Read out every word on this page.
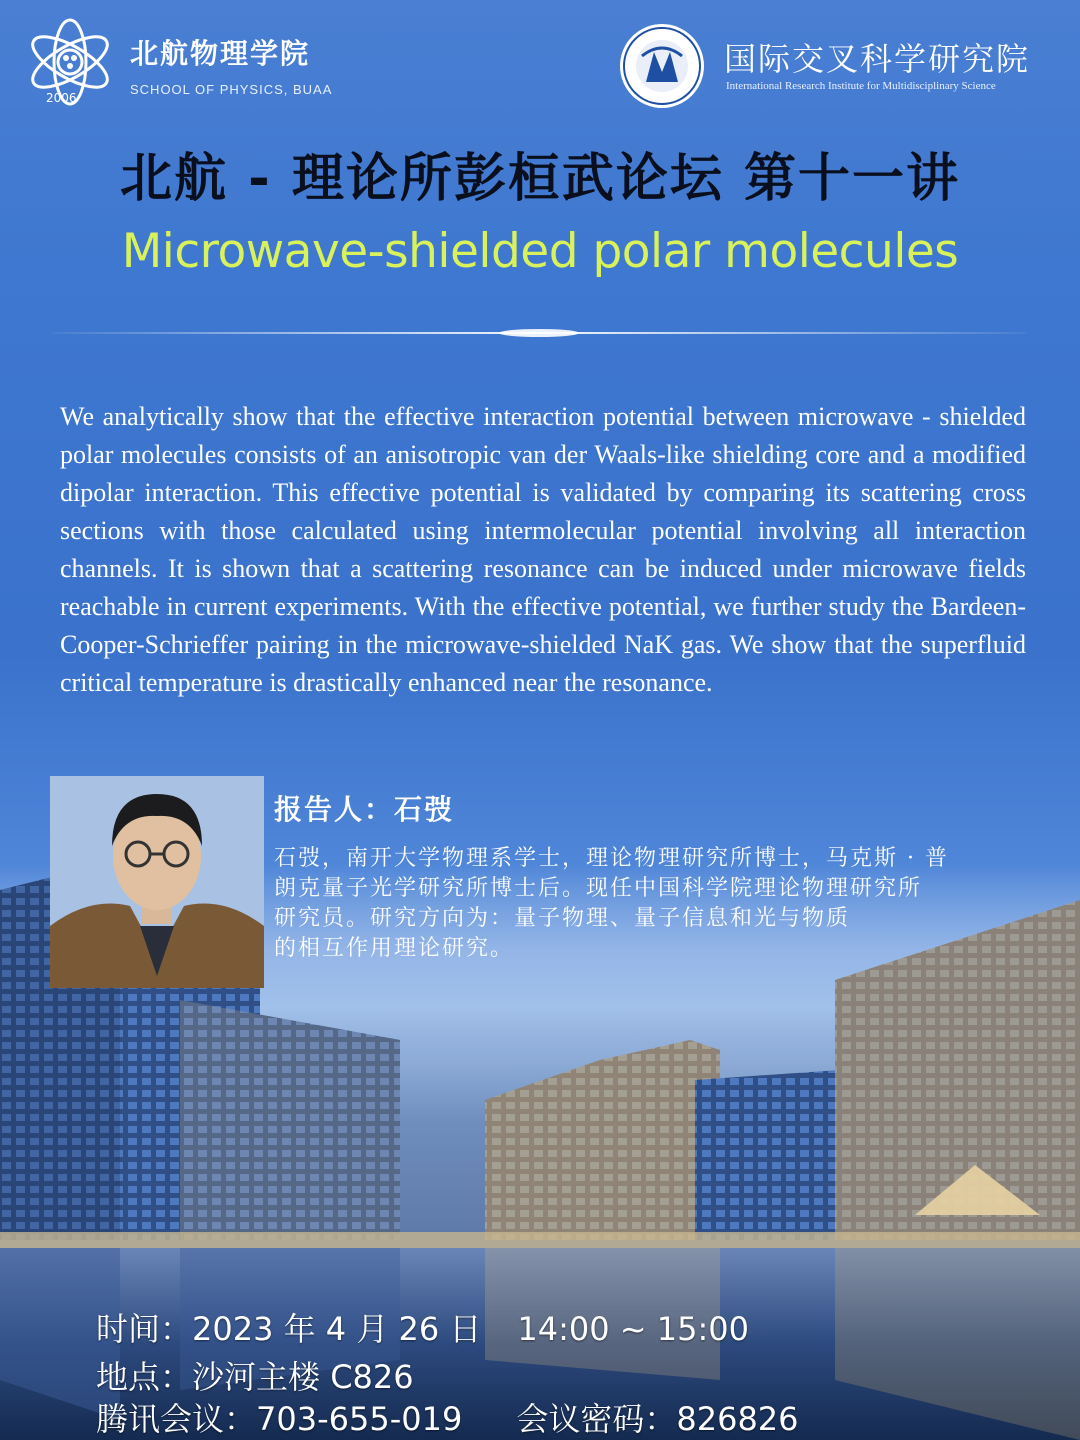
2006
北航物理学院
SCHOOL OF PHYSICS, BUAA
国际交叉科学研究院
International Research Institute for Multidisciplinary Science
北航 - 理论所彭桓武论坛 第十一讲
Microwave-shielded polar molecules
We analytically show that the effective interaction potential between microwave - shielded polar molecules consists of an anisotropic van der Waals-like shielding core and a modified dipolar interaction. This effective potential is validated by comparing its scattering cross sections with those calculated using intermolecular potential involving all interaction channels. It is shown that a scattering resonance can be induced under microwave fields reachable in current experiments. With the effective potential, we further study the Bardeen-Cooper-Schrieffer pairing in the microwave-shielded NaK gas. We show that the superfluid critical temperature is drastically enhanced near the resonance.
报告人：石弢
石弢，南开大学物理系学士，理论物理研究所博士，马克斯 · 普
朗克量子光学研究所博士后。现任中国科学院理论物理研究所
研究员。研究方向为：量子物理、量子信息和光与物质
的相互作用理论研究。
时间：2023 年 4 月 26 日 14:00 ~ 15:00
地点：沙河主楼 C826
腾讯会议：703-655-019 会议密码：826826
